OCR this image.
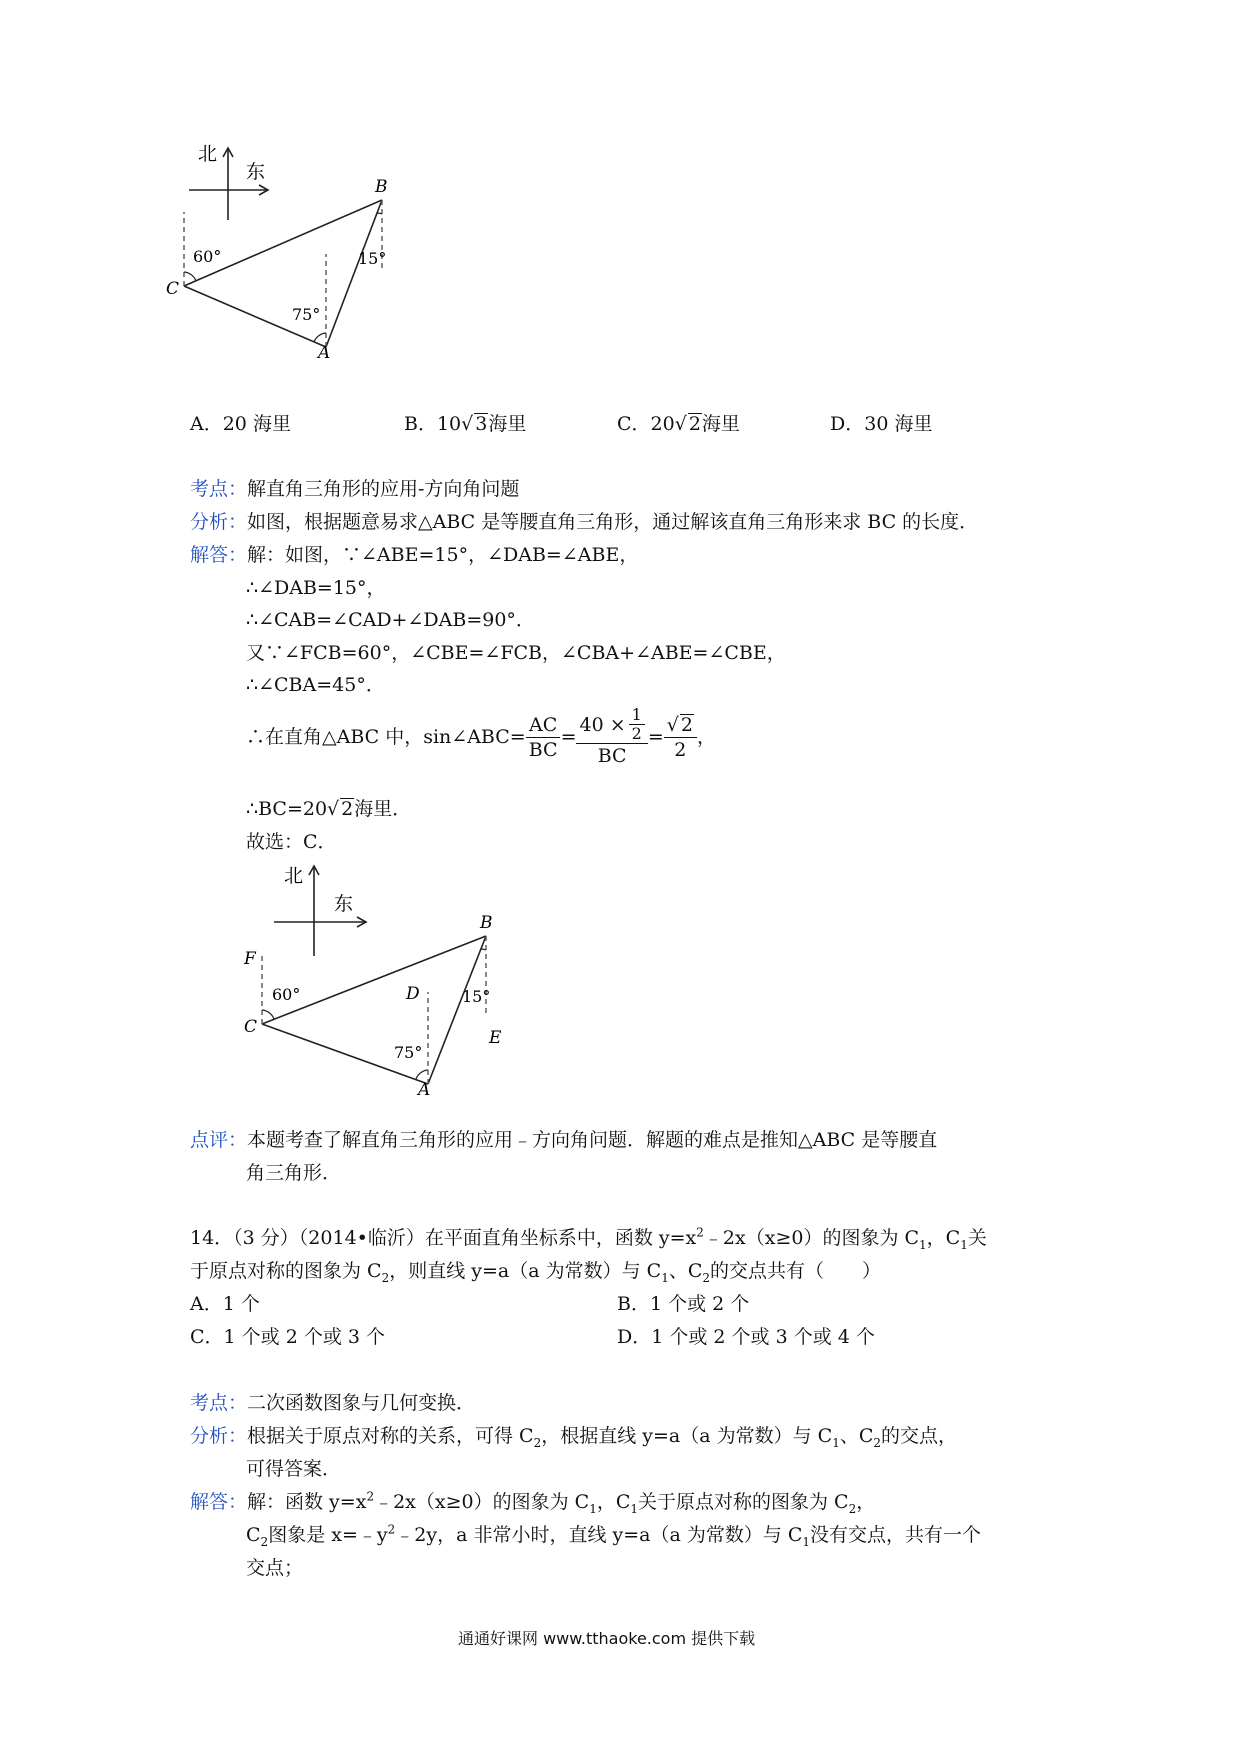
北
东
B
C
A
60°
75°
15°
A．20 海里	B．10√ 3海里	C．20√ 2海里	D．30 海里
考点：解直角三角形的应用-方向角问题
分析：如图，根据题意易求△ABC 是等腰直角三角形，通过解该直角三角形来求 BC 的长度．
解答：解：如图，∵∠ABE=15°，∠DAB=∠ABE，
∴∠DAB=15°，
∴∠CAB=∠CAD+∠DAB=90°．
又∵∠FCB=60°，∠CBE=∠FCB，∠CBA+∠ABE=∠CBE，
∴∠CBA=45°．
∴在直角△ABC 中，sin∠ABC= $\frac{AC}{BC} = \frac{40 \times \frac{1}{2}}{BC} = \frac{√ 2}{2}$ ，
∴BC=20√ 2海里．
故选：C．
北
东
B
C
A
D
E
F
60°
75°
15°
点评：本题考查了解直角三角形的应用﹣方向角问题．解题的难点是推知△ABC 是等腰直
角三角形．
14．（3 分）（2014•临沂）在平面直角坐标系中，函数 $y=x^2﹣2x(x\ge 0)$的图象为 $C_1$，$C_1$关
于原点对称的图象为 $C_2$，则直线 y=a（a 为常数）与 $C_1$、$C_2$的交点共有（　　）
A．1 个	B．1 个或 2 个
C．1 个或 2 个或 3 个	D．1 个或 2 个或 3 个或 4 个
考点：二次函数图象与几何变换．
分析：根据关于原点对称的关系，可得 $C_2$，根据直线 y=a（a 为常数）与 $C_1$、$C_2$的交点，
可得答案．
解答：解：函数 $y=x^2﹣2x(x\ge 0)$的图象为 $C_1$，$C_1$关于原点对称的图象为 $C_2$，
$C_2$图象是 $x=﹣y^2﹣2y$，a 非常小时，直线 y=a（a 为常数）与 $C_1$没有交点，共有一个
交点；
通通好课网 www.tthaoke.com 提供下载
